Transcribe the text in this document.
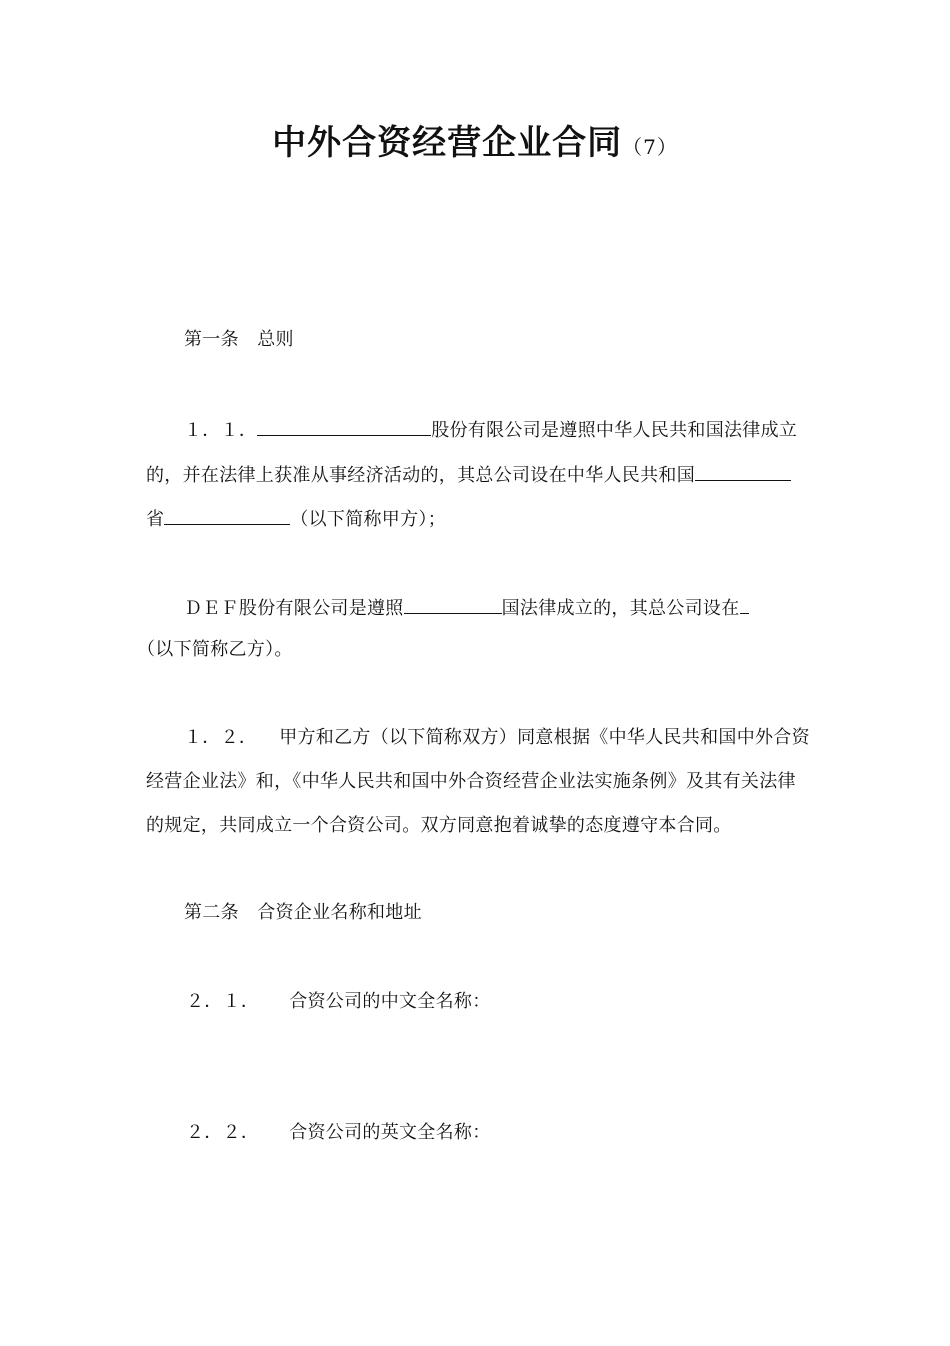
中外合资经营企业合同（7）
第一条　总则
１．１．	股份有限公司是遵照中华人民共和国法律成立
的，并在法律上获准从事经济活动的，其总公司设在中华人民共和国
省	（以下简称甲方）；
ＤＥＦ股份有限公司是遵照	国法律成立的，其总公司设在
（以下简称乙方）。
１．２． 甲方和乙方（以下简称双方）同意根据《中华人民共和国中外合资
经营企业法》和，《中华人民共和国中外合资经营企业法实施条例》及其有关法律
的规定，共同成立一个合资公司。双方同意抱着诚挚的态度遵守本合同。
第二条　合资企业名称和地址
２．１． 合资公司的中文全名称：
２．２． 合资公司的英文全名称：
